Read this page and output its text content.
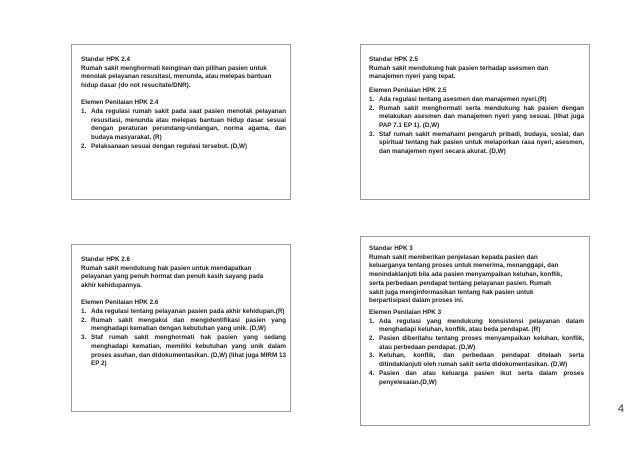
Standar HPK 2.4
Rumah sakit menghormati keinginan dan pilihan pasien untuk
menolak pelayanan resusitasi, menunda, atau melepas bantuan
hidup dasar (do not resucitate/DNR).
Elemen Penilaian HPK 2.4
1. Ada regulasi rumah sakit pada saat pasien menolak pelayanan resusitasi, menunda atau melepas bantuan hidup dasar sesuai dengan peraturan perundang-undangan, norma agama, dan budaya masyarakat. (R)
2. Pelaksanaan sesuai dengan regulasi tersebut. (D,W)
Standar HPK 2.5
Rumah sakit mendukung hak pasien terhadap asesmen dan
manajemen nyeri yang tepat.
Elemen Penilaian HPK 2.5
1. Ada regulasi tentang asesmen dan manajemen nyeri.(R)
2. Rumah sakit menghormati serta mendukung hak pasien dengan melakukan asesmen dan manajemen nyeri yang sesuai. (lihat juga PAP 7.1 EP 1). (D,W)
3. Staf rumah sakit memahami pengaruh pribadi, budaya, sosial, dan spiritual tentang hak pasien untuk melaporkan rasa nyeri, asesmen, dan manajemen nyeri secara akurat. (D,W)
Standar HPK 2.6
Rumah sakit mendukung hak pasien untuk mendapatkan
pelayanan yang penuh hormat dan penuh kasih sayang pada
akhir kehidupannya.
Elemen Penilaian HPK 2.6
1. Ada regulasi tentang pelayanan pasien pada akhir kehidupan.(R)
2. Rumah sakit mengakui dan mengidentifikasi pasien yang menghadapi kematian dengan kebutuhan yang unik. (D,W)
3. Staf rumah sakit menghormati hak pasien yang sedang menghadapi kematian, memiliki kebutuhan yang unik dalam proses asuhan, dan didokumentasikan. (D,W) (lihat juga MIRM 13 EP 2)
Standar HPK 3
Rumah sakit memberikan penjelasan kepada pasien dan
keluarganya tentang proses untuk menerima, menanggapi, dan
menindaklanjuti bila ada pasien menyampaikan keluhan, konflik,
serta perbedaan pendapat tentang pelayanan pasien. Rumah
sakit juga menginformasikan tentang hak pasien untuk
berpartisipasi dalam proses ini.
Elemen Penilaian HPK 3
1. Ada regulasi yang mendukung konsistensi pelayanan dalam menghadapi keluhan, konflik, atau beda pendapat. (R)
2. Pasien diberitahu tentang proses menyampaikan keluhan, konflik, atau perbedaan pendapat. (D,W)
3. Keluhan, konflik, dan perbedaan pendapat ditelaah serta ditindaklanjuti oleh rumah sakit serta didokumentasikan. (D,W)
4. Pasien dan atau keluarga pasien ikut serta dalam proses penyelesaian.(D,W)
4
